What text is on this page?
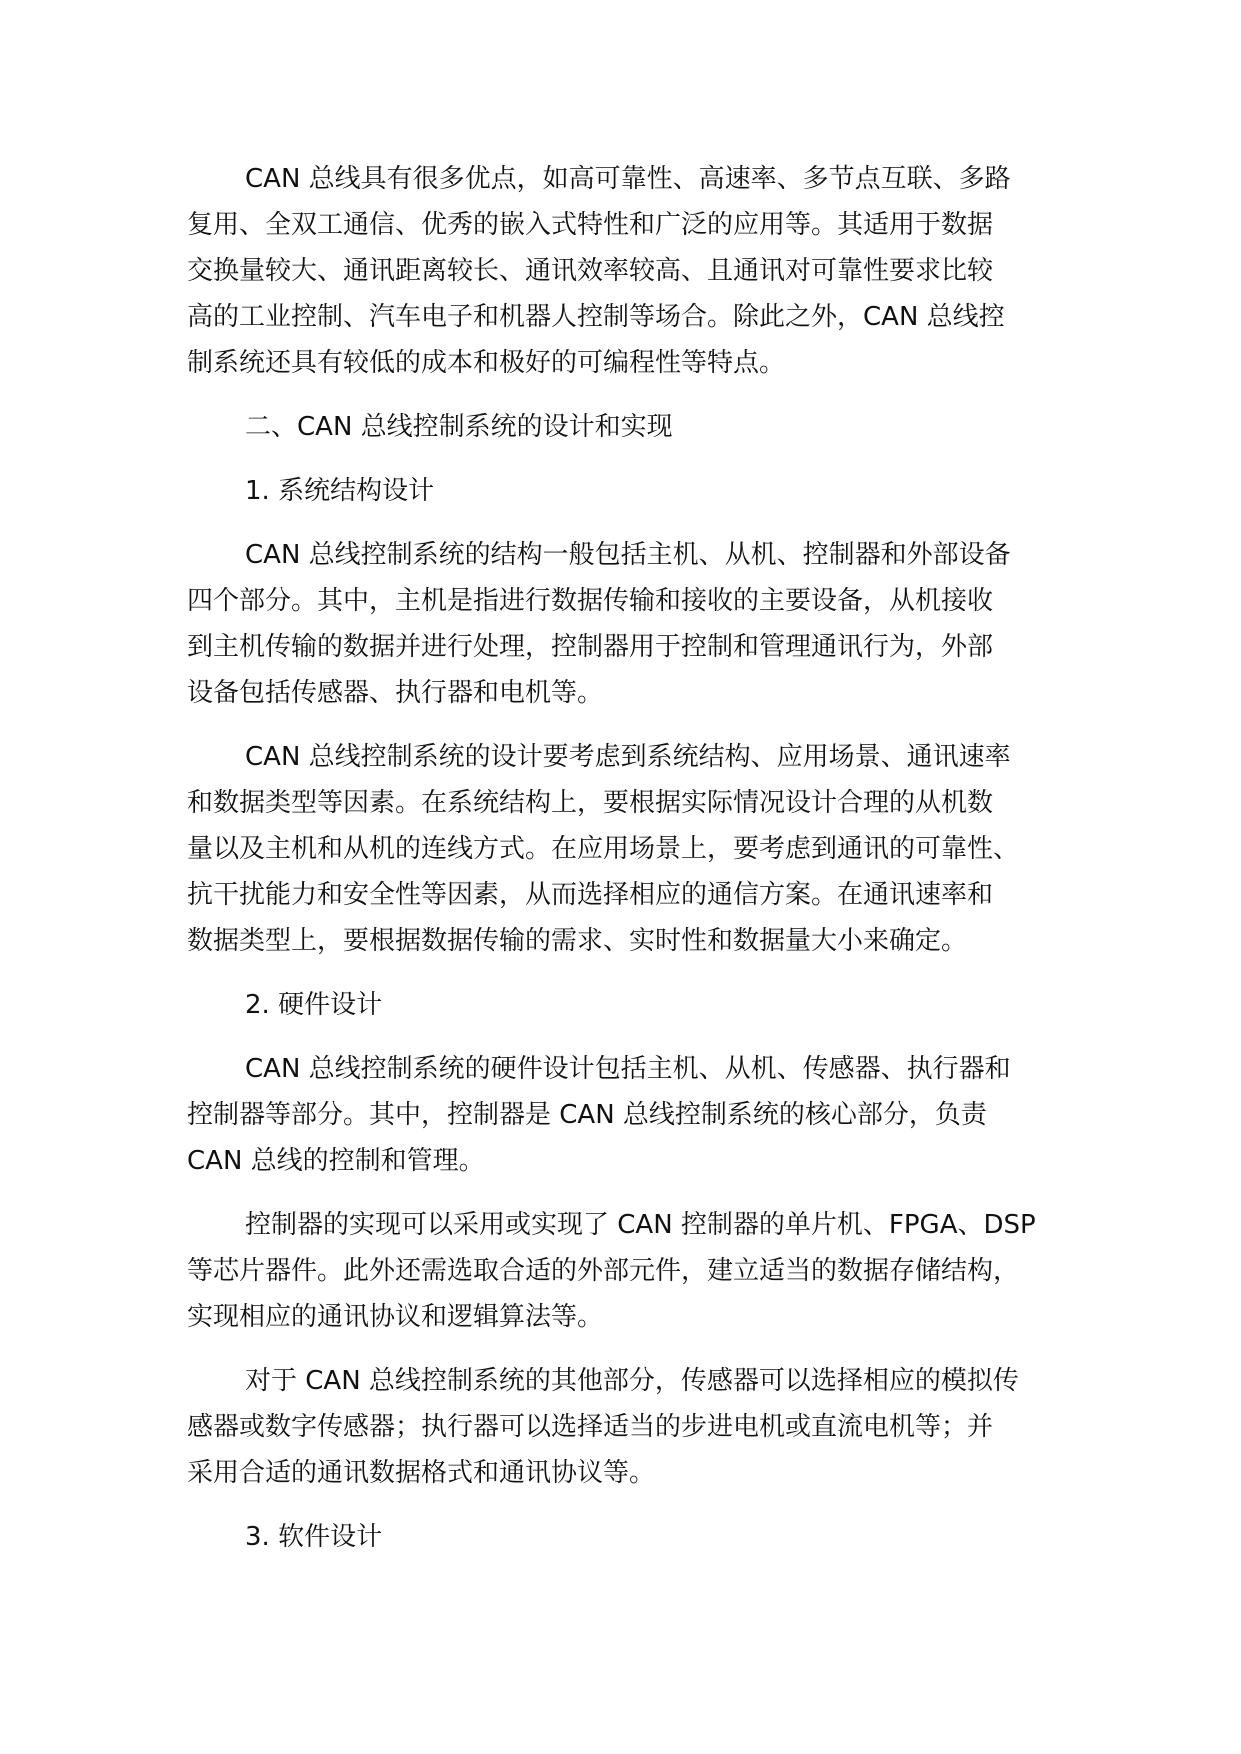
CAN 总线具有很多优点，如高可靠性、高速率、多节点互联、多路
复用、全双工通信、优秀的嵌入式特性和广泛的应用等。其适用于数据
交换量较大、通讯距离较长、通讯效率较高、且通讯对可靠性要求比较
高的工业控制、汽车电子和机器人控制等场合。除此之外，CAN 总线控
制系统还具有较低的成本和极好的可编程性等特点。
二、CAN 总线控制系统的设计和实现
1. 系统结构设计
CAN 总线控制系统的结构一般包括主机、从机、控制器和外部设备
四个部分。其中，主机是指进行数据传输和接收的主要设备，从机接收
到主机传输的数据并进行处理，控制器用于控制和管理通讯行为，外部
设备包括传感器、执行器和电机等。
CAN 总线控制系统的设计要考虑到系统结构、应用场景、通讯速率
和数据类型等因素。在系统结构上，要根据实际情况设计合理的从机数
量以及主机和从机的连线方式。在应用场景上，要考虑到通讯的可靠性、
抗干扰能力和安全性等因素，从而选择相应的通信方案。在通讯速率和
数据类型上，要根据数据传输的需求、实时性和数据量大小来确定。
2. 硬件设计
CAN 总线控制系统的硬件设计包括主机、从机、传感器、执行器和
控制器等部分。其中，控制器是 CAN 总线控制系统的核心部分，负责
CAN 总线的控制和管理。
控制器的实现可以采用或实现了 CAN 控制器的单片机、FPGA、DSP
等芯片器件。此外还需选取合适的外部元件，建立适当的数据存储结构，
实现相应的通讯协议和逻辑算法等。
对于 CAN 总线控制系统的其他部分，传感器可以选择相应的模拟传
感器或数字传感器；执行器可以选择适当的步进电机或直流电机等；并
采用合适的通讯数据格式和通讯协议等。
3. 软件设计
